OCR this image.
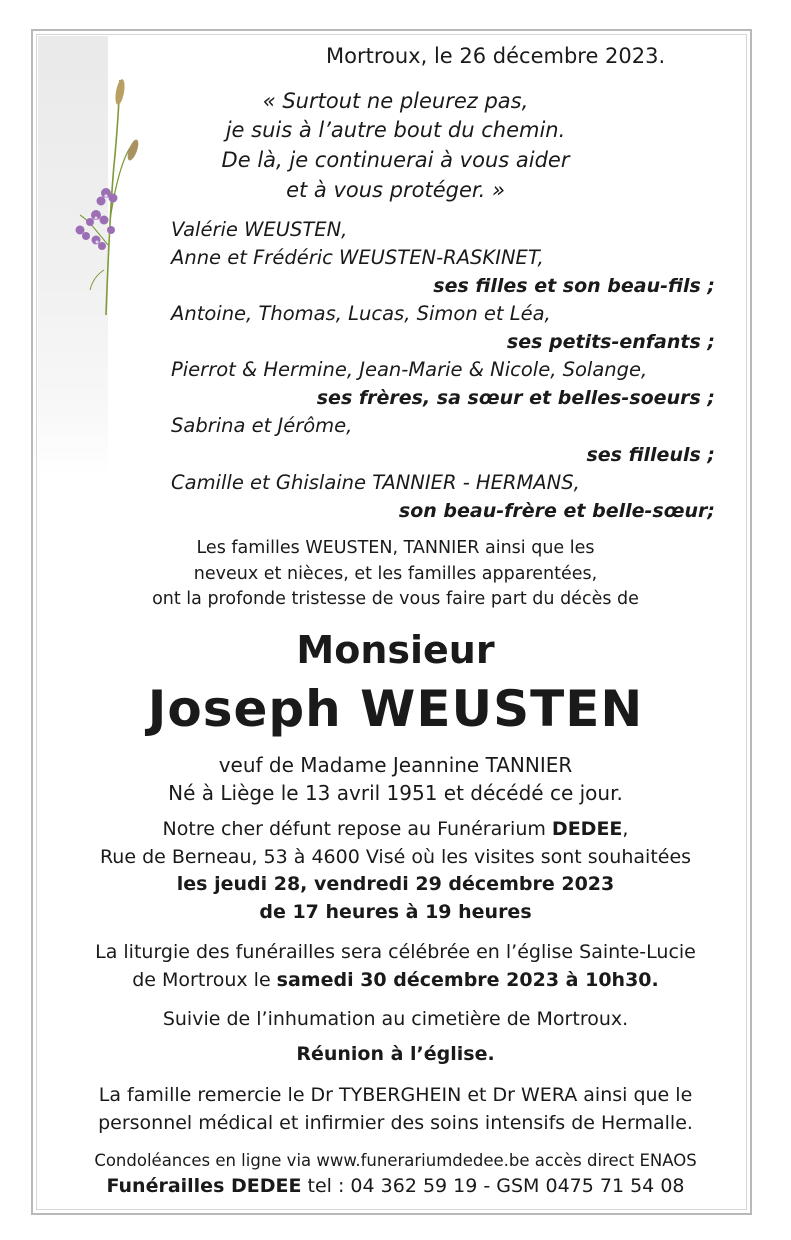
Mortroux, le 26 décembre 2023.
« Surtout ne pleurez pas,
je suis à l’autre bout du chemin.
De là, je continuerai à vous aider
et à vous protéger. »
Valérie WEUSTEN,
Anne et Frédéric WEUSTEN-RASKINET,
ses filles et son beau-fils ;
Antoine, Thomas, Lucas, Simon et Léa,
ses petits-enfants ;
Pierrot & Hermine, Jean-Marie & Nicole, Solange,
ses frères, sa sœur et belles-soeurs ;
Sabrina et Jérôme,
ses filleuls ;
Camille et Ghislaine TANNIER - HERMANS,
son beau-frère et belle-sœur;
Les familles WEUSTEN, TANNIER ainsi que les
neveux et nièces, et les familles apparentées,
ont la profonde tristesse de vous faire part du décès de
Monsieur
Joseph WEUSTEN
veuf de Madame Jeannine TANNIER
Né à Liège le 13 avril 1951 et décédé ce jour.
Notre cher défunt repose au Funérarium DEDEE,
Rue de Berneau, 53 à 4600 Visé où les visites sont souhaitées
les jeudi 28, vendredi 29 décembre 2023
de 17 heures à 19 heures
La liturgie des funérailles sera célébrée en l’église Sainte-Lucie
de Mortroux le samedi 30 décembre 2023 à 10h30.
Suivie de l’inhumation au cimetière de Mortroux.
Réunion à l’église.
La famille remercie le Dr TYBERGHEIN et Dr WERA ainsi que le
personnel médical et infirmier des soins intensifs de Hermalle.
Condoléances en ligne via www.funerariumdedee.be accès direct ENAOS
Funérailles DEDEE tel : 04 362 59 19 - GSM 0475 71 54 08
